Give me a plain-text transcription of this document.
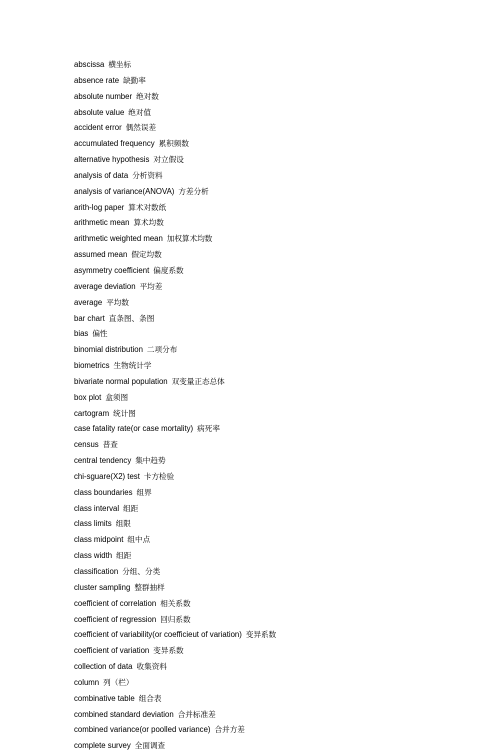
abscissa 横坐标
absence rate 缺勤率
absolute number 绝对数
absolute value 绝对值
accident error 偶然误差
accumulated frequency 累积频数
alternative hypothesis 对立假设
analysis of data 分析资料
analysis of variance(ANOVA) 方差分析
arith-log paper 算术对数纸
arithmetic mean 算术均数
arithmetic weighted mean 加权算术均数
assumed mean 假定均数
asymmetry coefficient 偏度系数
average deviation 平均差
average 平均数
bar chart 直条图、条图
bias 偏性
binomial distribution 二项分布
biometrics 生物统计学
bivariate normal population 双变量正态总体
box plot 盒须图
cartogram 统计图
case fatality rate(or case mortality) 病死率
census 普查
central tendency 集中趋势
chi-sguare(X2) test 卡方检验
class boundaries 组界
class interval 组距
class limits 组限
class midpoint 组中点
class width 组距
classification 分组、分类
cluster sampling 整群抽样
coefficient of correlation 相关系数
coefficient of regression 回归系数
coefficient of variability(or coefficieut of variation) 变异系数
coefficient of variation 变异系数
collection of data 收集资料
column 列（栏）
combinative table 组合表
combined standard deviation 合并标准差
combined variance(or poolled variance) 合并方差
complete survey 全面调查
